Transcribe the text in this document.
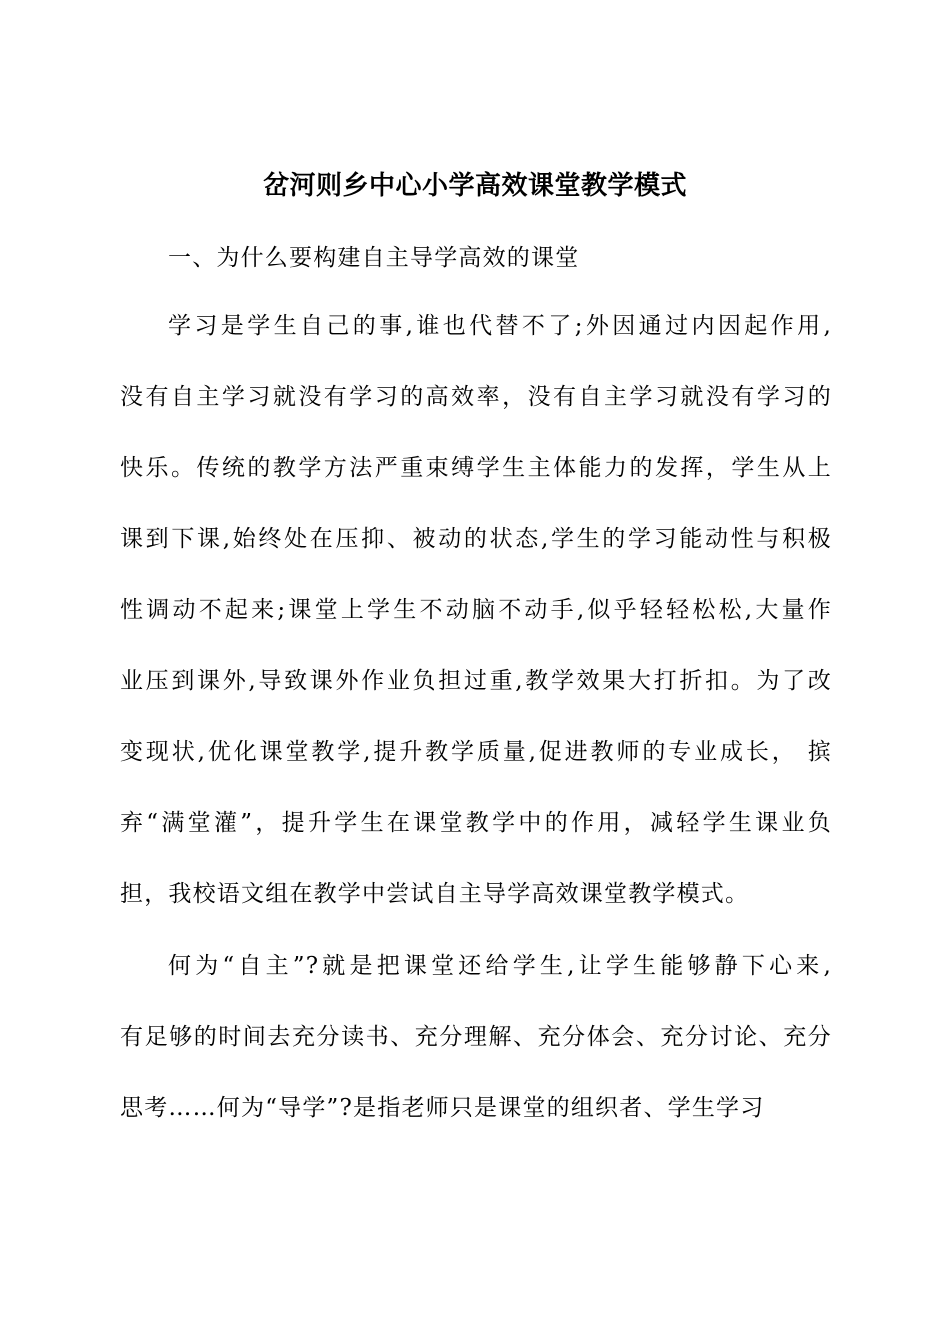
岔河则乡中心小学高效课堂教学模式
一、为什么要构建自主导学高效的课堂
学习是学生自己的事,谁也代替不了;外因通过内因起作用,
没有自主学习就没有学习的高效率，没有自主学习就没有学习的
快乐。传统的教学方法严重束缚学生主体能力的发挥，学生从上
课到下课,始终处在压抑、被动的状态,学生的学习能动性与积极
性调动不起来;课堂上学生不动脑不动手,似乎轻轻松松,大量作
业压到课外,导致课外作业负担过重,教学效果大打折扣。为了改
变现状,优化课堂教学,提升教学质量,促进教师的专业成长， 摈
弃“满堂灌”，提升学生在课堂教学中的作用，减轻学生课业负
担，我校语文组在教学中尝试自主导学高效课堂教学模式。
何为“自主”?就是把课堂还给学生,让学生能够静下心来,
有足够的时间去充分读书、充分理解、充分体会、充分讨论、充分
思考……何为“导学”?是指老师只是课堂的组织者、学生学习
